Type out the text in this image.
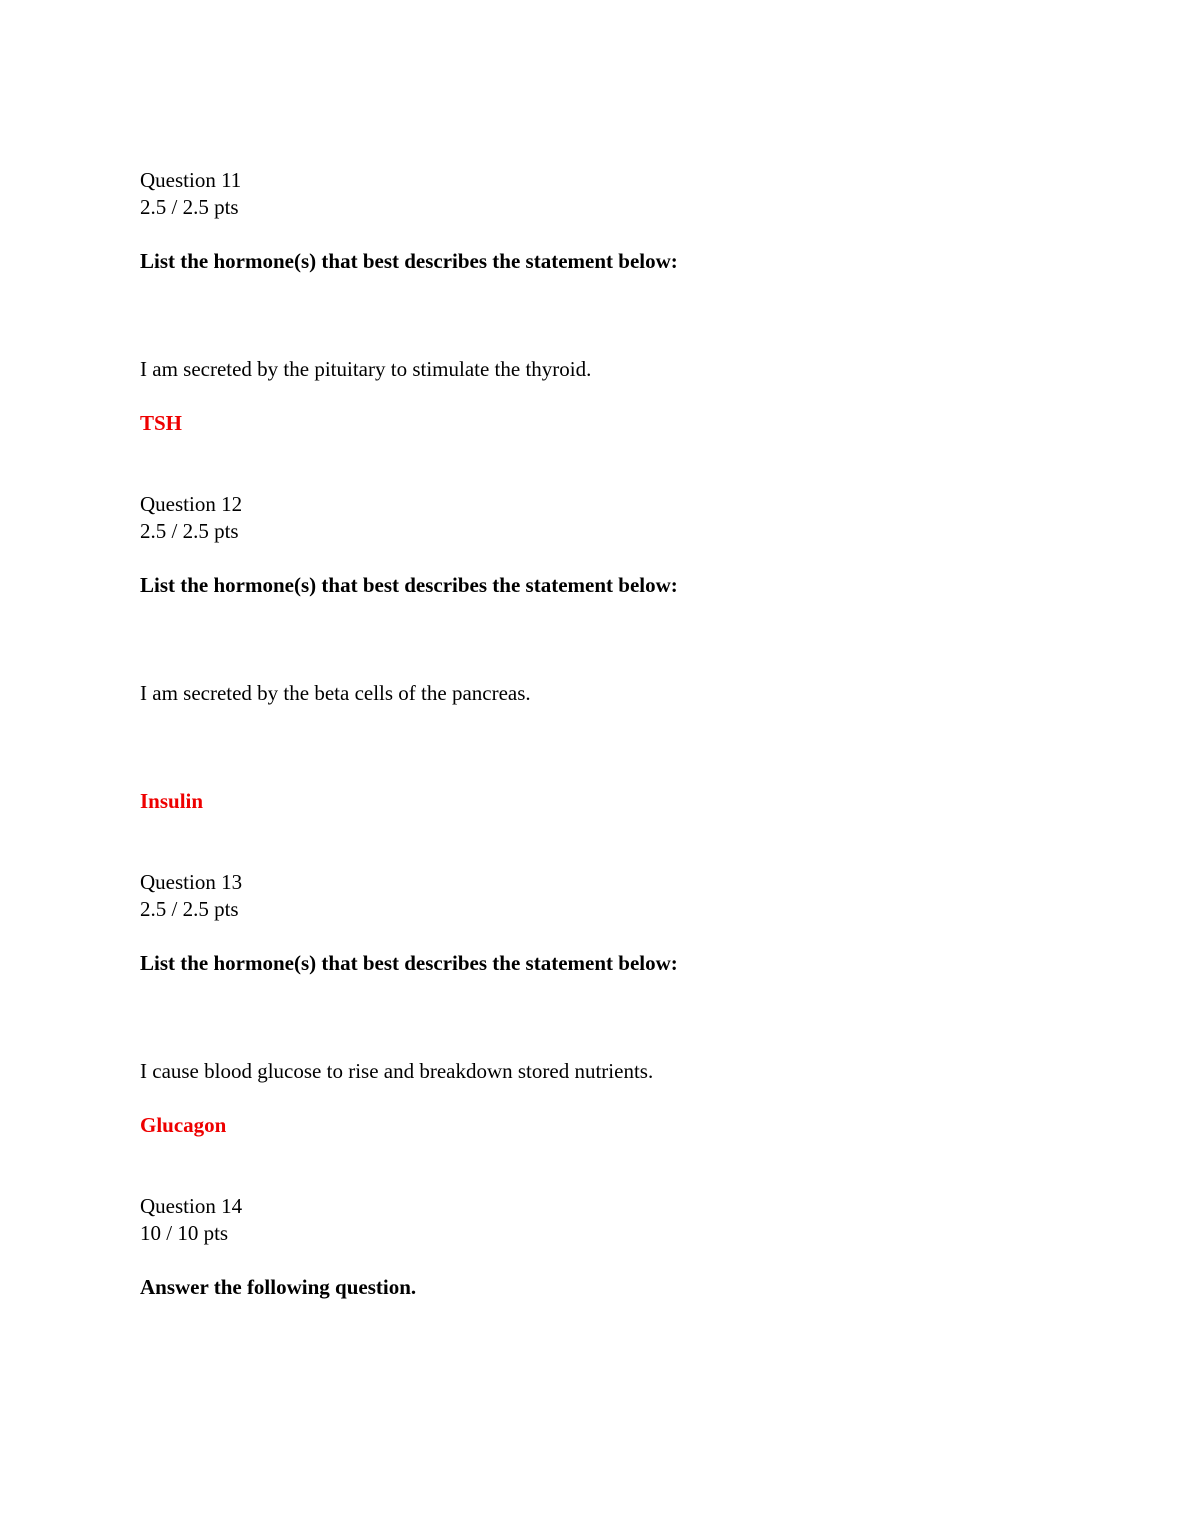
Question 11
2.5 / 2.5 pts
List the hormone(s) that best describes the statement below:
I am secreted by the pituitary to stimulate the thyroid.
TSH
Question 12
2.5 / 2.5 pts
List the hormone(s) that best describes the statement below:
I am secreted by the beta cells of the pancreas.
Insulin
Question 13
2.5 / 2.5 pts
List the hormone(s) that best describes the statement below:
I cause blood glucose to rise and breakdown stored nutrients.
Glucagon
Question 14
10 / 10 pts
Answer the following question.
